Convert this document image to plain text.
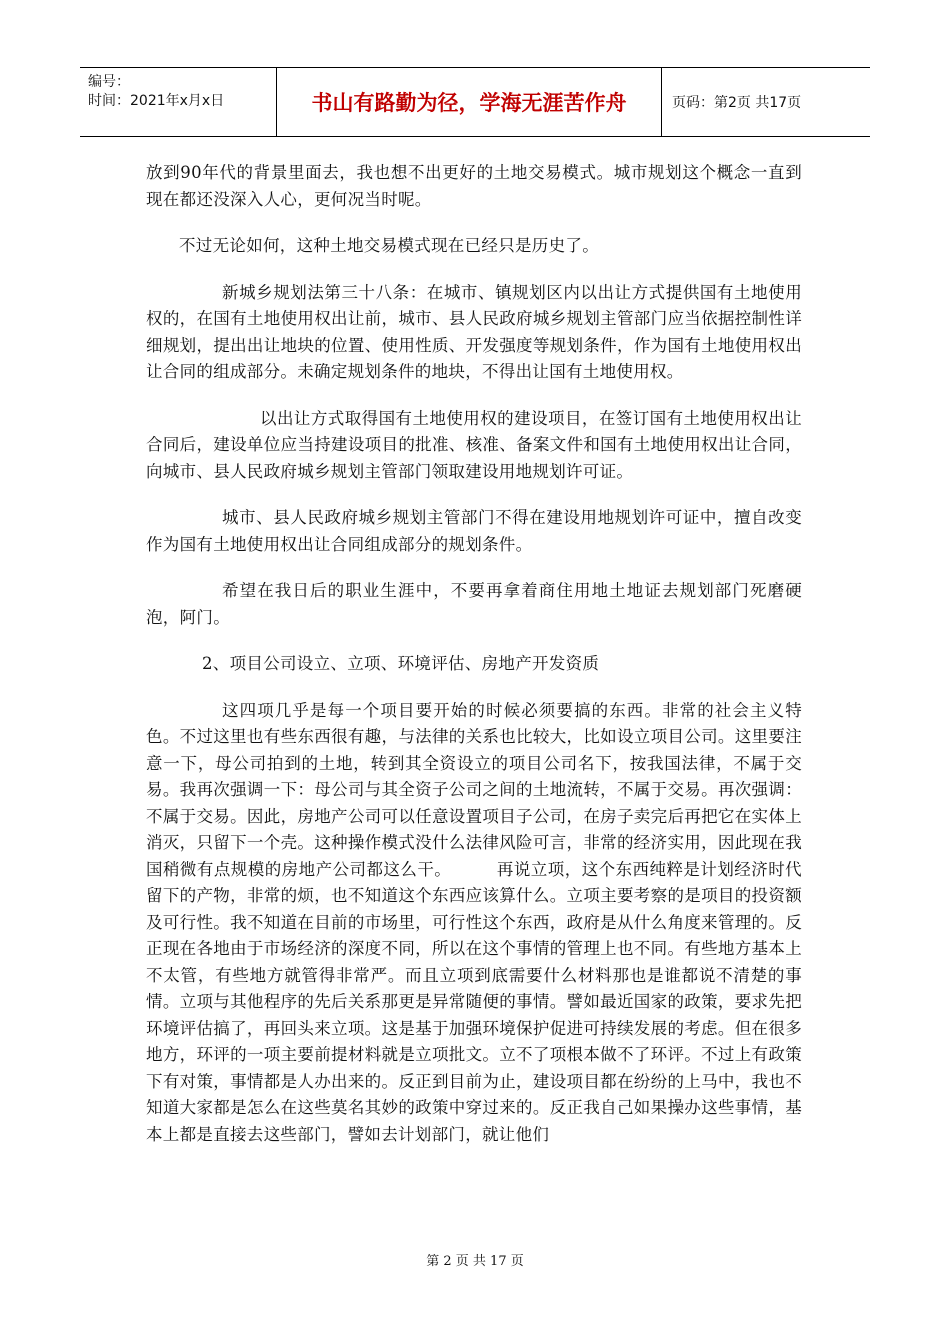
编号：
时间：2021年x月x日	书山有路勤为径，学海无涯苦作舟	页码：第2页 共17页

放到90年代的背景里面去，我也想不出更好的土地交易模式。城市规划这个概念一直到现在都还没深入人心，更何况当时呢。

不过无论如何，这种土地交易模式现在已经只是历史了。

新城乡规划法第三十八条：在城市、镇规划区内以出让方式提供国有土地使用权的，在国有土地使用权出让前，城市、县人民政府城乡规划主管部门应当依据控制性详细规划，提出出让地块的位置、使用性质、开发强度等规划条件，作为国有土地使用权出让合同的组成部分。未确定规划条件的地块，不得出让国有土地使用权。

以出让方式取得国有土地使用权的建设项目，在签订国有土地使用权出让合同后，建设单位应当持建设项目的批准、核准、备案文件和国有土地使用权出让合同，向城市、县人民政府城乡规划主管部门领取建设用地规划许可证。

城市、县人民政府城乡规划主管部门不得在建设用地规划许可证中，擅自改变作为国有土地使用权出让合同组成部分的规划条件。

希望在我日后的职业生涯中，不要再拿着商住用地土地证去规划部门死磨硬泡，阿门。

2、项目公司设立、立项、环境评估、房地产开发资质

这四项几乎是每一个项目要开始的时候必须要搞的东西。非常的社会主义特色。不过这里也有些东西很有趣，与法律的关系也比较大，比如设立项目公司。这里要注意一下，母公司拍到的土地，转到其全资设立的项目公司名下，按我国法律，不属于交易。我再次强调一下：母公司与其全资子公司之间的土地流转，不属于交易。再次强调：不属于交易。因此，房地产公司可以任意设置项目子公司，在房子卖完后再把它在实体上消灭，只留下一个壳。这种操作模式没什么法律风险可言，非常的经济实用，因此现在我国稍微有点规模的房地产公司都这么干。        再说立项，这个东西纯粹是计划经济时代留下的产物，非常的烦，也不知道这个东西应该算什么。立项主要考察的是项目的投资额及可行性。我不知道在目前的市场里，可行性这个东西，政府是从什么角度来管理的。反正现在各地由于市场经济的深度不同，所以在这个事情的管理上也不同。有些地方基本上不太管，有些地方就管得非常严。而且立项到底需要什么材料那也是谁都说不清楚的事情。立项与其他程序的先后关系那更是异常随便的事情。譬如最近国家的政策，要求先把环境评估搞了，再回头来立项。这是基于加强环境保护促进可持续发展的考虑。但在很多地方，环评的一项主要前提材料就是立项批文。立不了项根本做不了环评。不过上有政策下有对策，事情都是人办出来的。反正到目前为止，建设项目都在纷纷的上马中，我也不知道大家都是怎么在这些莫名其妙的政策中穿过来的。反正我自己如果操办这些事情，基本上都是直接去这些部门，譬如去计划部门，就让他们

第 2 页 共 17 页
